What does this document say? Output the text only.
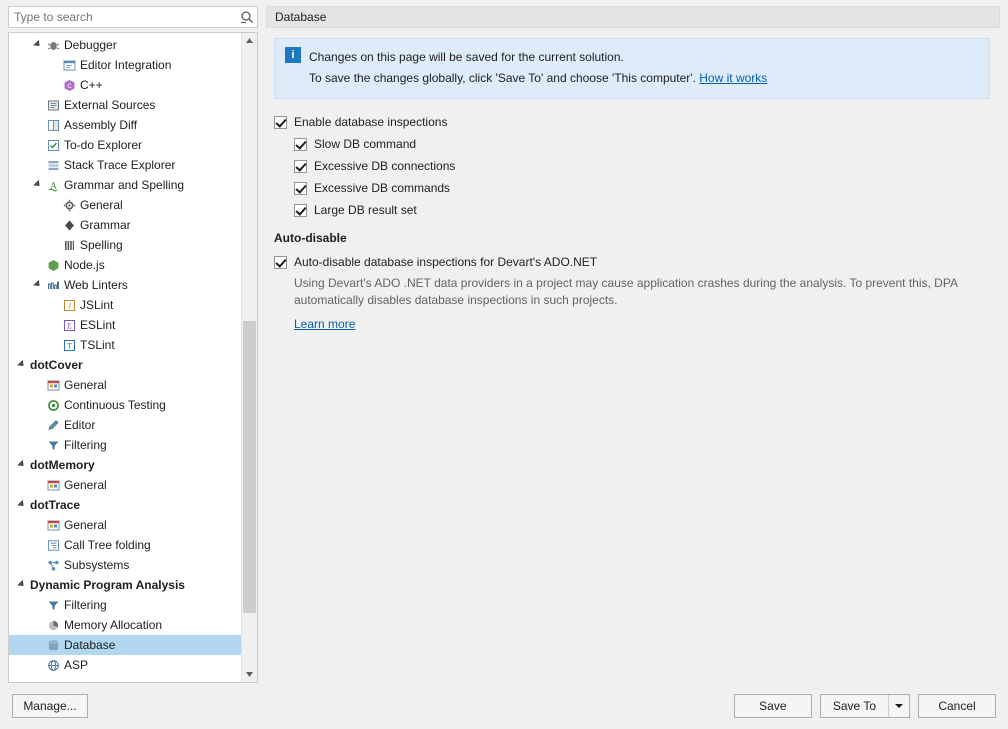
Type to search
Debugger
Editor Integration
C C++
External Sources
Assembly Diff
To-do Explorer
Stack Trace Explorer
A Grammar and Spelling
General
Grammar
Spelling
Node.js
Web Linters
J JSLint
E ESLint
T TSLint
dotCover
General
Continuous Testing
Editor
Filtering
dotMemory
General
dotTrace
General
Call Tree folding
Subsystems
Dynamic Program Analysis
Filtering
Memory Allocation
Database
ASP
Database
i	Changes on this page will be saved for the current solution.
To save the changes globally, click 'Save To' and choose 'This computer'. How it works
Enable database inspections
Slow DB command
Excessive DB connections
Excessive DB commands
Large DB result set
Auto-disable
Auto-disable database inspections for Devart's ADO.NET
Using Devart's ADO .NET data providers in a project may cause application crashes during the analysis. To prevent this, DPA automatically disables database inspections in such projects.
Learn more
Manage...	Save	Save To	Cancel
